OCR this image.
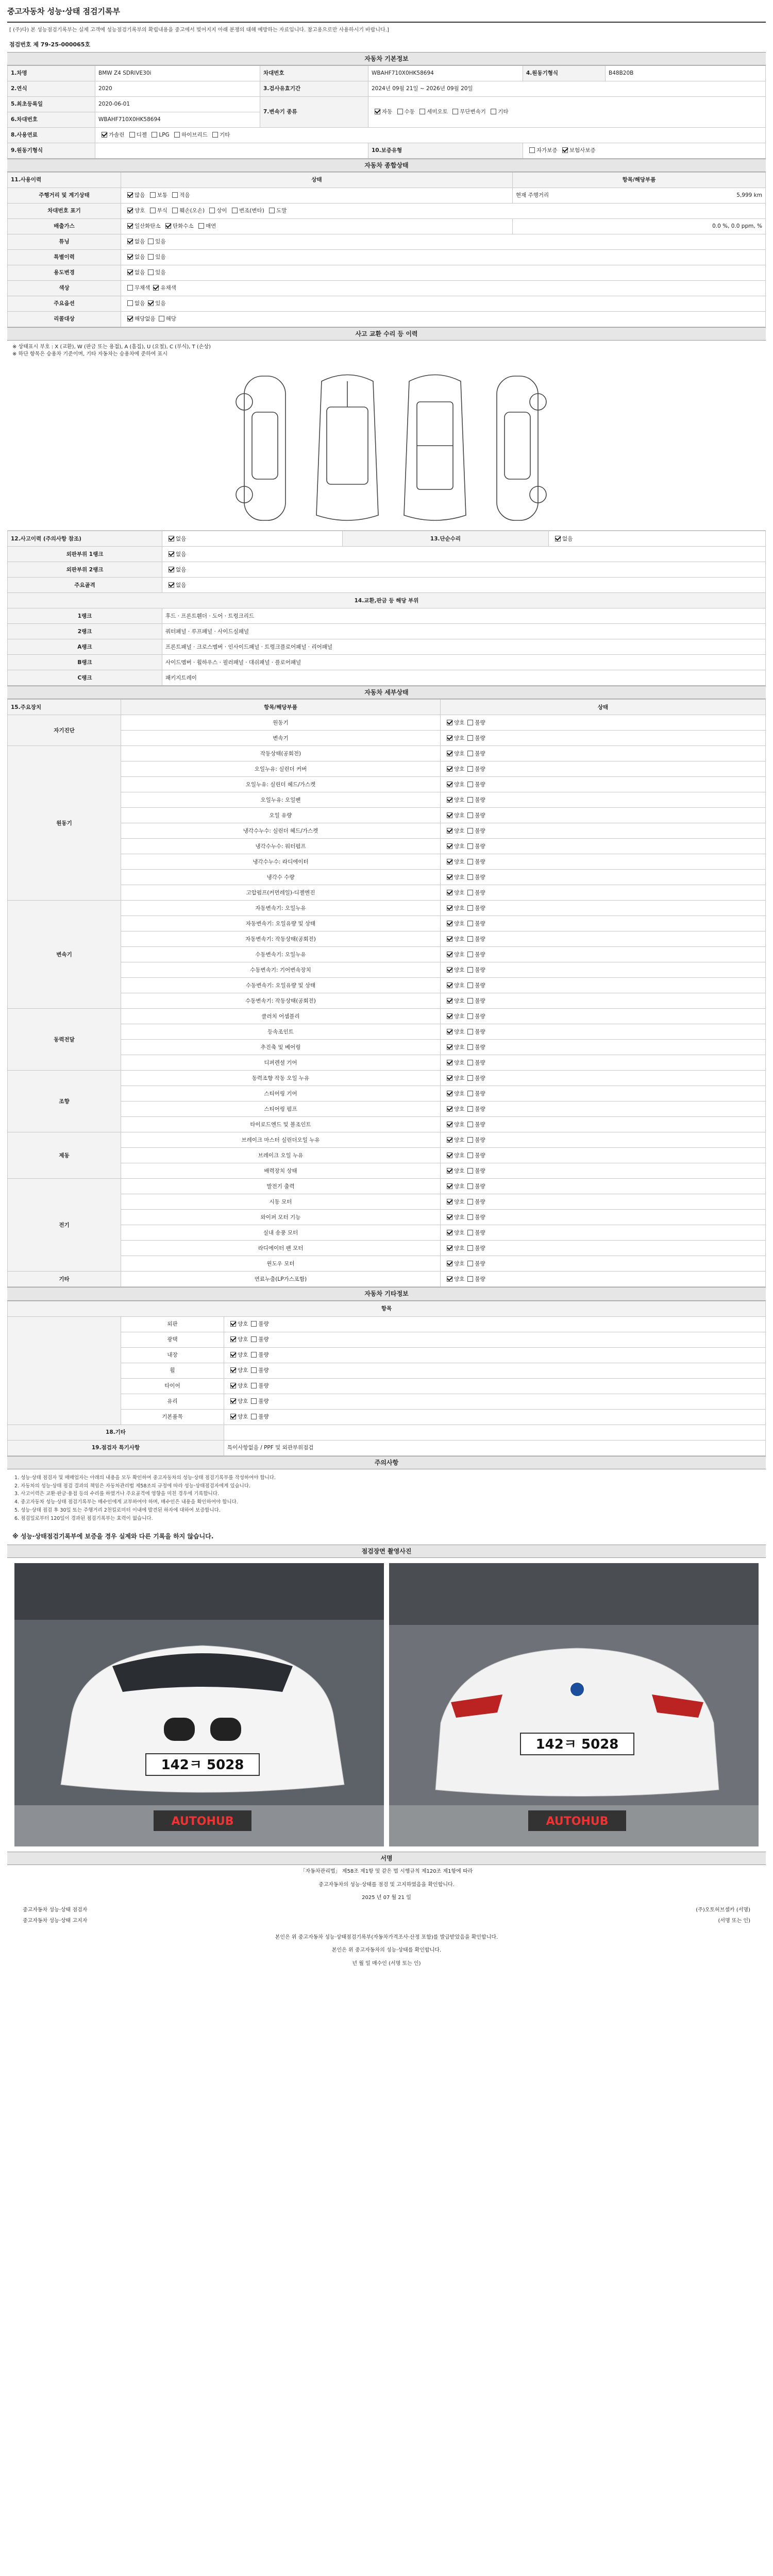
중고자동차 성능·상태 점검기록부
[ (주)다) 본 성능점검기록부는 실제 고객에 성능점검기록부의 확립내용을 중고에서 빚어지지 아래 분쟁의 대해 예방하는 자료입니다. 참고용으로만 사용하시기 바랍니다.]
점검번호 제 79-25-000065호
자동차 기본정보
1.차명	BMW Z4 SDRIVE30i	차대번호	WBAHF710X0HK58694	4.원동기형식	B48B20B
2.연식	2020	3.검사유효기간	2024년 09월 21일 ~ 2026년 09월 20일		
5.최초등록일	2020-06-01	7.변속기 종류	자동 수동 세미오토 무단변속기 기타		
6.차대번호	WBAHF710X0HK58694				
8.사용연료	가솔린 디젤 LPG 하이브리드 기타				
9.원동기형식			10.보증유형	자가보증 보험사보증	
자동차 종합상태
11.사용이력	상태	항목/해당부품
주행거리 및 계기상태	많음 보통 적음	현재 주행거리 5,999 km

차대번호 표기	양호 부식 훼손(오손) 상이 변조(변타) 도말	
배출가스	일산화탄소 탄화수소 매연	0.0 %, 0.0 ppm, %
튜닝	없음 있음	
특별이력	없음 있음	
용도변경	없음 있음	
색상	무채색 유채색	
주요옵션	없음 있음	
리콜대상	해당없음 해당	
사고 교환 수리 등 이력
※ 상태표시 부호 : X (교환), W (판금 또는 용접), A (흠집), U (요철), C (부식), T (손상)
※ 하단 항목은 승용차 기준이며, 기타 자동차는 승용차에 준하여 표시
12.사고이력 (주의사항 참조)	없음	13.단순수리	없음
외판부위 1랭크	없음		
외판부위 2랭크	없음		
주요골격	없음		
14.교환,판금 등 해당 부위			
1랭크	후드 · 프론트휀더 · 도어 · 트렁크리드		
2랭크	쿼터패널 · 루프패널 · 사이드실패널		
A랭크	프론트패널 · 크로스멤버 · 인사이드패널 · 트렁크플로어패널 · 리어패널		
B랭크	사이드멤버 · 휠하우스 · 필러패널 · 대쉬패널 · 플로어패널		
C랭크	패키지트레이		
자동차 세부상태
15.주요장치	항목/해당부품	상태
자기진단	원동기	양호 불량
	변속기	양호 불량
원동기	작동상태(공회전)	양호 불량
	오일누유: 실린더 커버	양호 불량
	오일누유: 실린더 헤드/가스켓	양호 불량
	오일누유: 오일팬	양호 불량
	오일 유량	양호 불량
	냉각수누수: 실린더 헤드/가스켓	양호 불량
	냉각수누수: 워터펌프	양호 불량
	냉각수누수: 라디에이터	양호 불량
	냉각수 수량	양호 불량
	고압펌프(커먼레일)-디젤엔진	양호 불량
변속기	자동변속기: 오일누유	양호 불량
	자동변속기: 오일유량 및 상태	양호 불량
	자동변속기: 작동상태(공회전)	양호 불량
	수동변속기: 오일누유	양호 불량
	수동변속기: 기어변속장치	양호 불량
	수동변속기: 오일유량 및 상태	양호 불량
	수동변속기: 작동상태(공회전)	양호 불량
동력전달	클러치 어셈블리	양호 불량
	등속조인트	양호 불량
	추진축 및 베어링	양호 불량
	디퍼렌셜 기어	양호 불량
조향	동력조향 작동 오일 누유	양호 불량
	스티어링 기어	양호 불량
	스티어링 펌프	양호 불량
	타이로드엔드 및 볼조인트	양호 불량
제동	브레이크 마스터 실린더오일 누유	양호 불량
	브레이크 오일 누유	양호 불량
	배력장치 상태	양호 불량
전기	발전기 출력	양호 불량
	시동 모터	양호 불량
	와이퍼 모터 기능	양호 불량
	실내 송풍 모터	양호 불량
	라디에이터 팬 모터	양호 불량
	윈도우 모터	양호 불량
기타	연료누출(LP가스포함)	양호 불량
자동차 기타정보
항목		
	외판	양호 불량
	광택	양호 불량
	내장	양호 불량
	휠	양호 불량
	타이어	양호 불량
	유리	양호 불량
	기본품목	양호 불량
18.기타		
19.점검자 특기사항		특이사항없음 / PPF 및 외관부위점검
주의사항

1. 성능·상태 점검자 및 매매업자는 아래의 내용을 모두 확인하여 중고자동차의 성능·상태 점검기록부를 작성하여야 합니다.

2. 자동차의 성능·상태 점검 결과의 책임은 자동차관리법 제58조의 규정에 따라 성능·상태점검자에게 있습니다.

3. 사고이력은 교환·판금·용접 등의 수리를 하였거나 주요골격에 영향을 미친 경우에 기록합니다.

4. 중고자동차 성능·상태 점검기록부는 매수인에게 교부하여야 하며, 매수인은 내용을 확인하여야 합니다.

5. 성능·상태 점검 후 30일 또는 주행거리 2천킬로미터 이내에 발견된 하자에 대하여 보증합니다.

6. 점검일로부터 120일이 경과된 점검기록부는 효력이 없습니다.

※ 성능·상태점검기록부에 보증을 경우 실제와 다른 기록을 하지 않습니다.
점검장면 촬영사진
142ㅋ 5028
AUTOHUB
142ㅋ 5028
AUTOHUB
서명
「자동차관리법」 제58조 제1항 및 같은 법 시행규칙 제120조 제1항에 따라
중고자동차의 성능·상태를 점검 및 고지하였음을 확인합니다.
2025 년 07 월 21 일
중고자동차 성능·상태 점검자	(주)오토허브셀카 (서명)
중고자동차 성능·상태 고지자	(서명 또는 인)
본인은 위 중고자동차 성능·상태점검기록부(자동차가격조사·산정 포함)를 발급받았음을 확인합니다.
본인은 위 중고자동차의 성능·상태를 확인합니다.
년 월 일 매수인 (서명 또는 인)
